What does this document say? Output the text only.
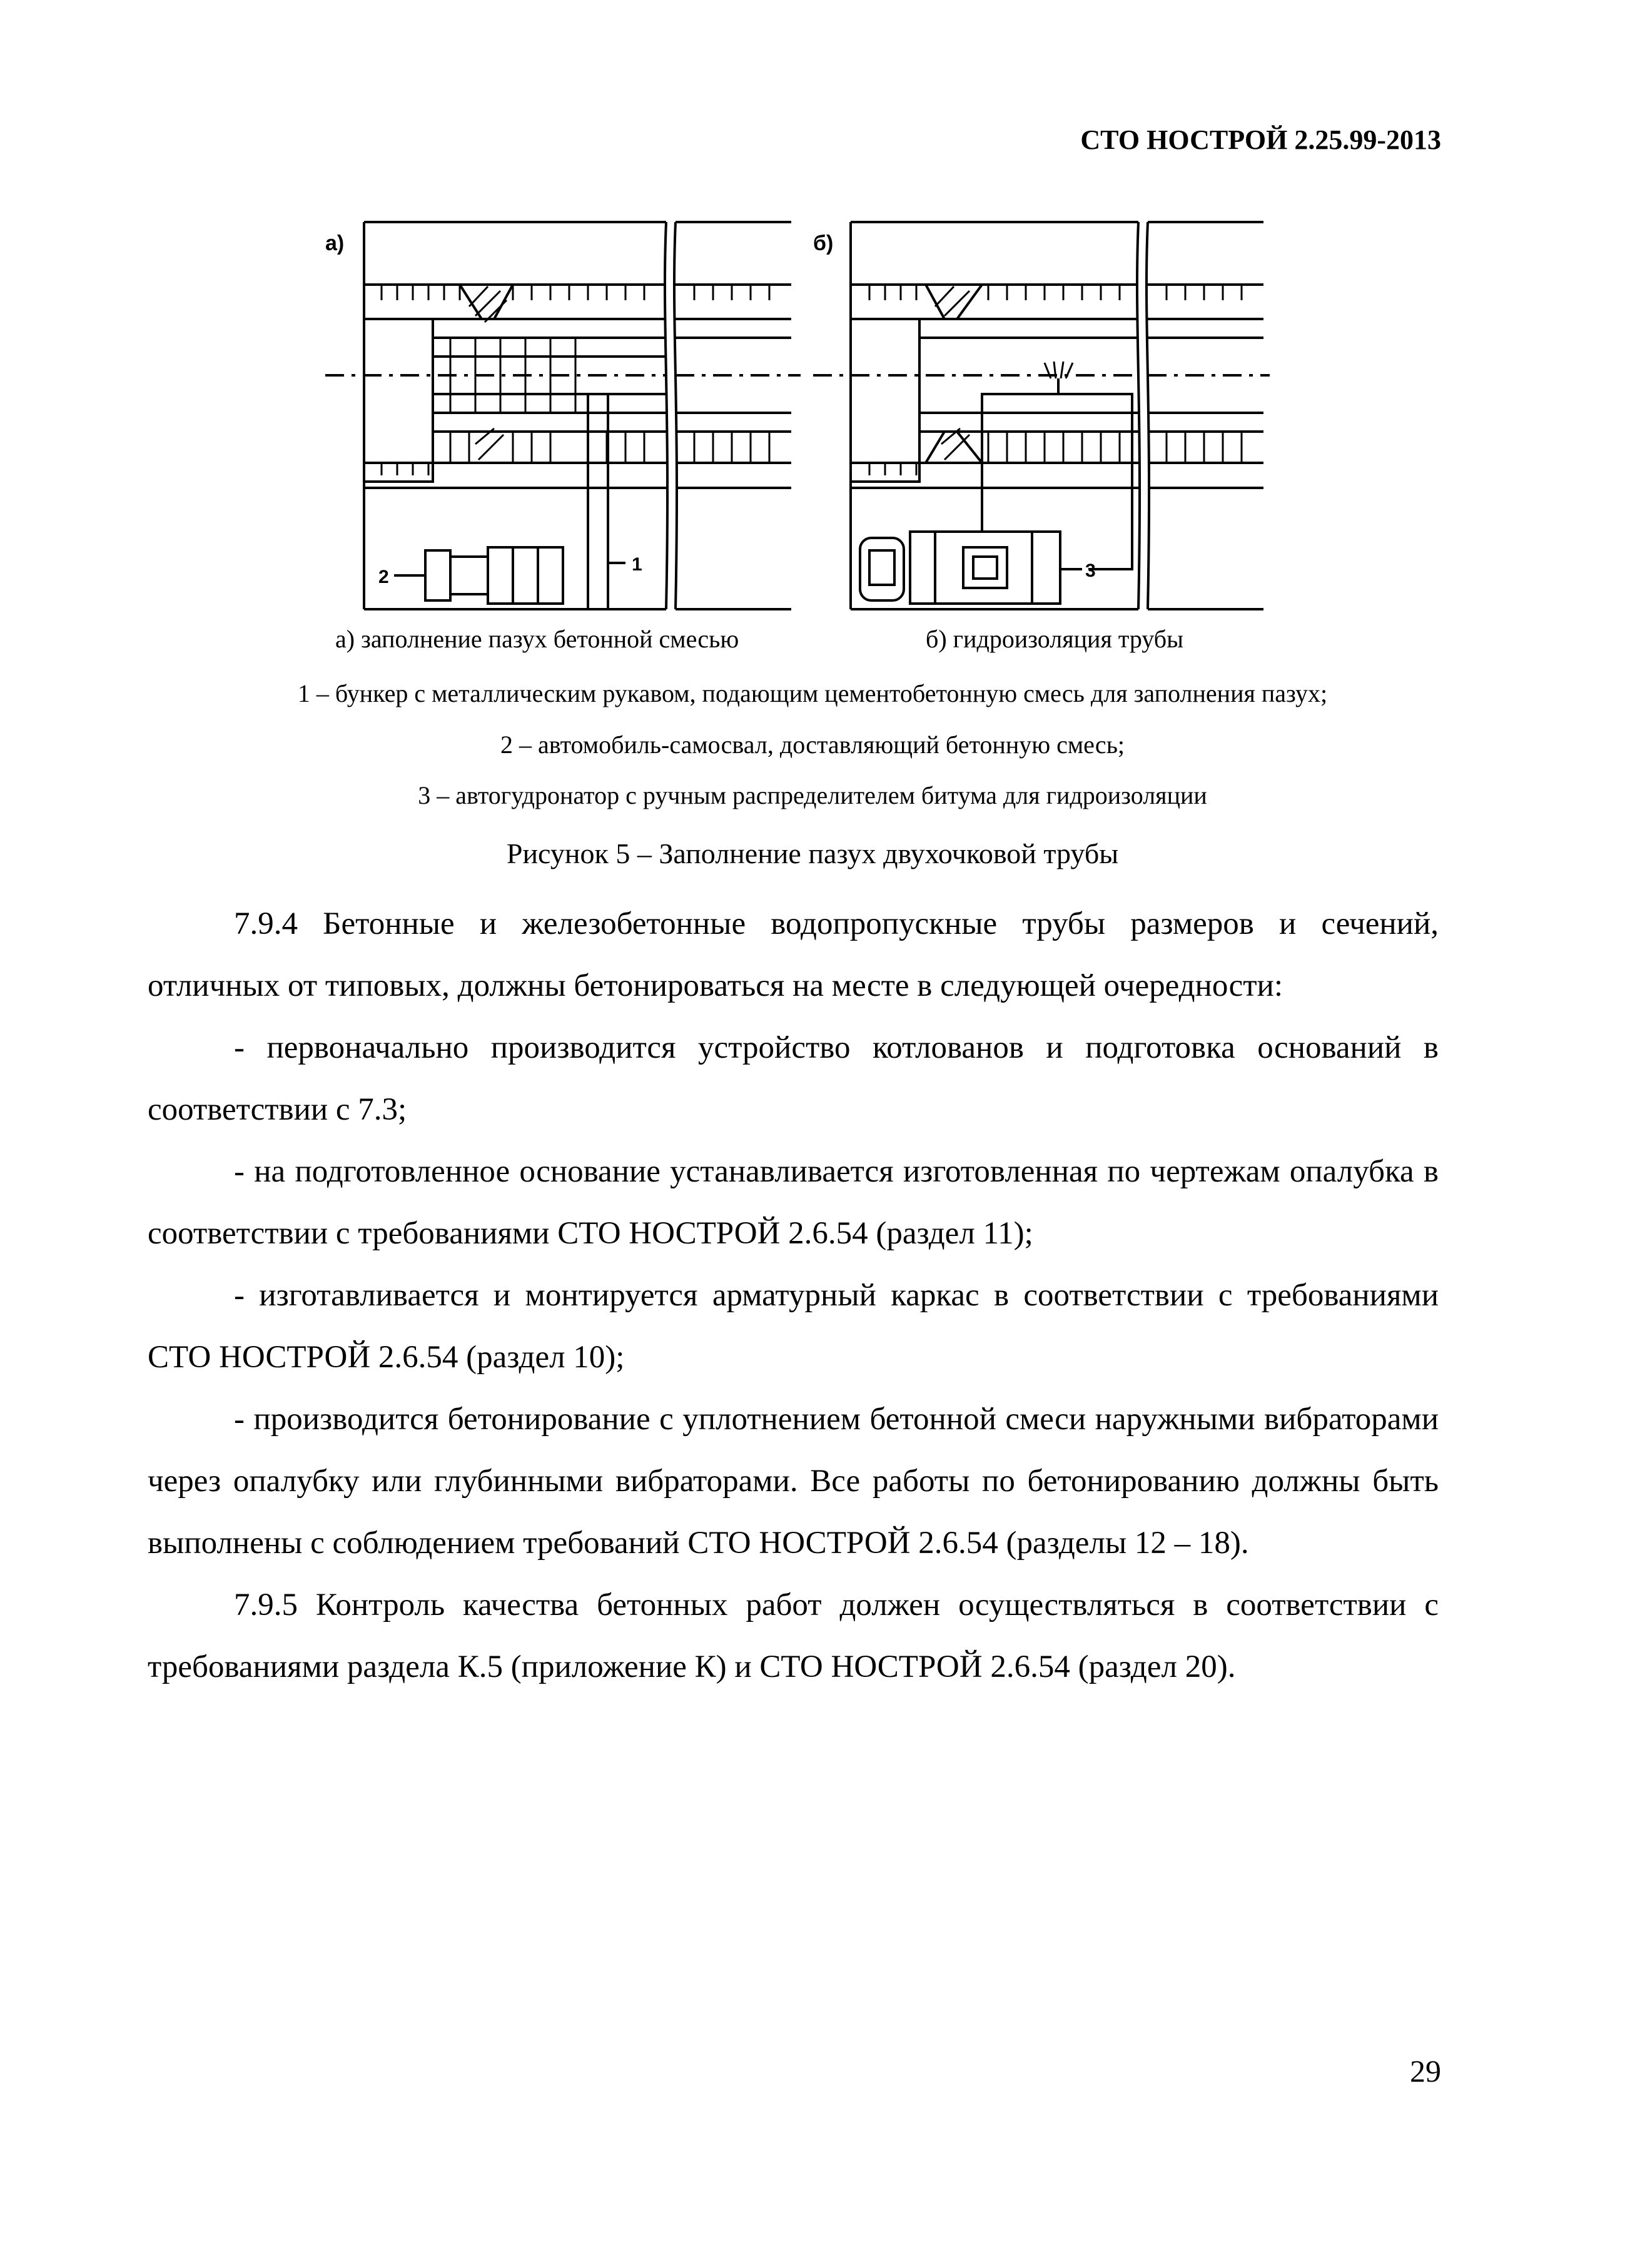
СТО НОСТРОЙ 2.25.99-2013
а)
1
2
б)
3
а) заполнение пазух бетонной смесью	б) гидроизоляция трубы
1 – бункер с металлическим рукавом, подающим цементобетонную смесь для заполнения пазух;
2 – автомобиль-самосвал, доставляющий бетонную смесь;
3 – автогудронатор с ручным распределителем битума для гидроизоляции
Рисунок 5 – Заполнение пазух двухочковой трубы

7.9.4 Бетонные и железобетонные водопропускные трубы размеров и сечений, отличных от типовых, должны бетонироваться на месте в следующей очередности:

- первоначально производится устройство котлованов и подготовка оснований в соответствии с 7.3;

- на подготовленное основание устанавливается изготовленная по чертежам опалубка в соответствии с требованиями СТО НОСТРОЙ 2.6.54 (раздел 11);

- изготавливается и монтируется арматурный каркас в соответствии с требованиями СТО НОСТРОЙ 2.6.54 (раздел 10);

- производится бетонирование с уплотнением бетонной смеси наружными вибраторами через опалубку или глубинными вибраторами. Все работы по бетонированию должны быть выполнены с соблюдением требований СТО НОСТРОЙ 2.6.54 (разделы 12 – 18).

7.9.5 Контроль качества бетонных работ должен осуществляться в соответствии с требованиями раздела К.5 (приложение К) и СТО НОСТРОЙ 2.6.54 (раздел 20).

29
